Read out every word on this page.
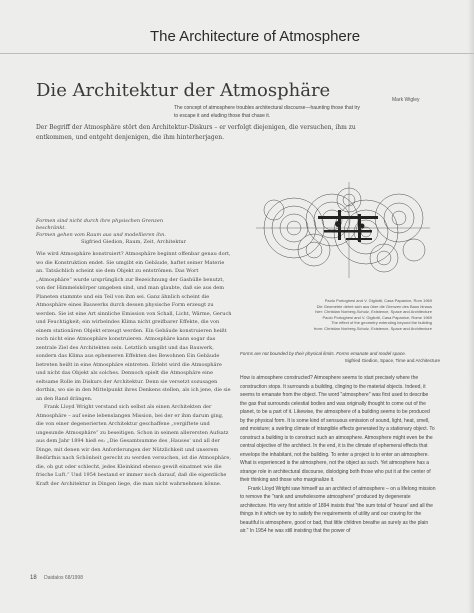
The Architecture of Atmosphere
Die Architektur der Atmosphäre	Mark Wigley
The concept of atmosphere troubles architectural discourse—haunting those that try to escape it and eluding those that chase it.
Der Begriff der Atmosphäre stört den Architektur-Diskurs – er verfolgt diejenigen, die versuchen, ihm zu entkommen, und entgeht denjenigen, die ihm hinterherjagen.
Formen sind nicht durch ihre physischen Grenzen beschränkt.
Formen gehen vom Raum aus und modellieren ihn.
Sigfried Giedion, Raum, Zeit, Architektur

Wie wird Atmosphäre konstruiert? Atmosphäre beginnt offenbar genau dort, wo die Konstruktion endet. Sie umgibt ein Gebäude, haftet seiner Materie an. Tatsächlich scheint sie dem Objekt zu entströmen. Das Wort „Atmosphäre“ wurde ursprünglich zur Bezeichnung der Gashülle benutzt, von der Himmelskörper umgeben sind, und man glaubte, daß sie aus dem Planeten stammte und ein Teil von ihm sei. Ganz ähnlich scheint die Atmosphäre eines Bauwerks durch dessen physische Form erzeugt zu werden. Sie ist eine Art sinnliche Emission von Schall, Licht, Wärme, Geruch und Feuchtigkeit; ein wirbelndes Klima nicht greifbarer Effekte, die von einem stationären Objekt erzeugt werden. Ein Gebäude konstruieren heißt noch nicht eine Atmosphäre konstruieren. Atmosphäre kann sogar das zentrale Ziel des Architekten sein. Letztlich umgibt und das Bauwerk, sondern das Klima aus ephemeren Effekten des Bewohnen Ein Gebäude betreten heißt in eine Atmosphäre eintreten. Erlebt wird die Atmosphäre und nicht das Objekt als solches. Dennoch spielt die Atmosphäre eine seltsame Rolle im Diskurs der Architektur. Denn sie versetzt sozusagen dorthin, wo sie in den Mittelpunkt ihres Denkens stellen, als ich jene, die sie an den Rand drängen.

Frank Lloyd Wright verstand sich selbst als einen Architekten der Atmosphäre – auf seine lebenslangen Mission, bei der er ihm darum ging, die von einer degenerierten Architektur geschaffene „vergiftete und ungesunde Atmosphäre“ zu beseitigen. Schon in seinem allerersten Aufsatz aus dem Jahr 1894 hieß es: „Die Gesamtsumme des ‚Hauses‘ und all der Dinge, mit denen wir den Anforderungen der Nützlichkeit und unserem Bedürfnis nach Schönheit gerecht zu werden versuchen, ist die Atmosphäre, die, ob gut oder schlecht, jedes Kleinkind ebenso gewiß einatmet wie die frische Luft.“ Und 1954 bestand er immer noch darauf, daß die eigentliche Kraft der Architektur in Dingen liege, die man nicht wahrnehmen könne.

Paolo Portoghesi and V. Gigliotti, Casa Papanice, Rom 1969
Die Geometrie dehnt sich aus über die Grenzen des Baus hinaus
hier: Christian Norberg-Schulz, Existence, Space and Architecture
Paolo Portoghesi and V. Gigliotti, Casa Papanice, Rome 1969
The effect of the geometry extending beyond the building
from: Christian Norberg-Schulz, Existence, Space and Architecture
Forms are not bounded by their physical limits. Forms emanate and model space.
Sigfried Giedion, Space, Time and Architecture

How is atmosphere constructed? Atmosphere seems to start precisely where the construction stops. It surrounds a building, clinging to the material objects. Indeed, it seems to emanate from the object. The word "atmosphere" was first used to describe the gas that surrounds celestial bodies and was originally thought to come out of the planet, to be a part of it. Likewise, the atmosphere of a building seems to be produced by the physical form. It is some kind of sensuous emission of sound, light, heat, smell, and moisture; a swirling climate of intangible effects generated by a stationary object. To construct a building is to construct such an atmosphere. Atmosphere might even be the central objective of the architect. In the end, it is the climate of ephemeral effects that envelops the inhabitant, not the building. To enter a project is to enter an atmosphere. What is experienced is the atmosphere, not the object as such. Yet atmosphere has a strange role in architectural discourse, dislodging both those who put it at the center of their thinking and those who marginalize it.

Frank Lloyd Wright saw himself as an architect of atmosphere – on a lifelong mission to remove the "rank and unwholesome atmosphere" produced by degenerate architecture. His very first article of 1894 insists that "the sum total of 'house' and all the things in it which we try to satisfy the requirements of utility and our craving for the beautiful is atmosphere, good or bad, that little children breathe as surely as the plain air." In 1954 he was still insisting that the power of

18 Daidalos 68/1998
